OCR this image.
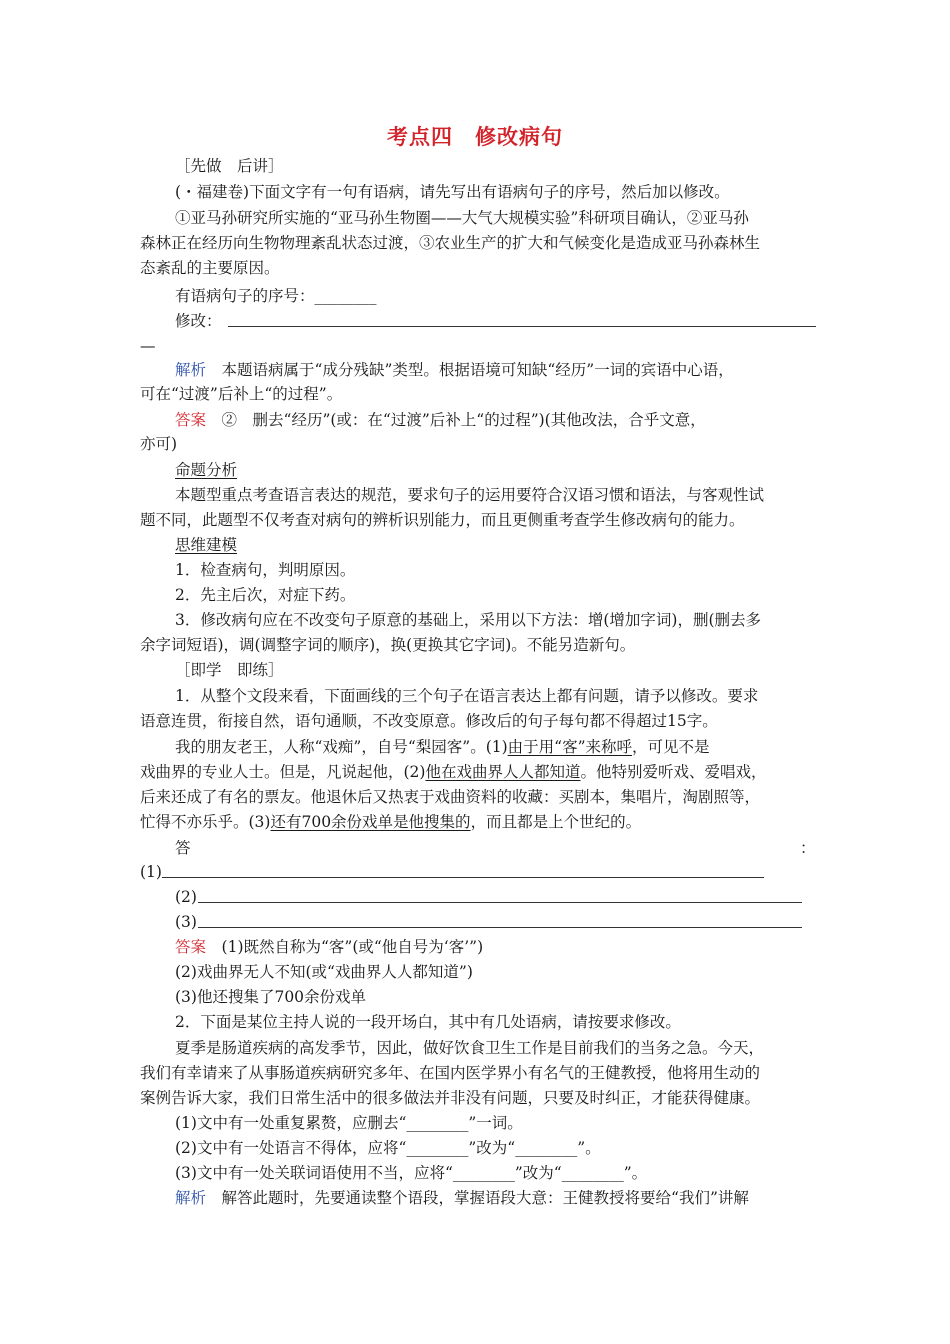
考点四 修改病句
［先做　后讲］
(・福建卷)下面文字有一句有语病，请先写出有语病句子的序号，然后加以修改。
①亚马孙研究所实施的“亚马孙生物圈——大气大规模实验”科研项目确认，②亚马孙
森林正在经历向生物物理紊乱状态过渡，③农业生产的扩大和气候变化是造成亚马孙森林生
态紊乱的主要原因。
有语病句子的序号：________
修改：
—
解析　 本题语病属于“成分残缺”类型。根据语境可知缺“经历”一词的宾语中心语，
可在“过渡”后补上“的过程”。
答案　 ②　删去“经历”(或：在“过渡”后补上“的过程”)(其他改法，合乎文意，
亦可)
命题分析
本题型重点考查语言表达的规范，要求句子的运用要符合汉语习惯和语法，与客观性试
题不同，此题型不仅考查对病句的辨析识别能力，而且更侧重考查学生修改病句的能力。
思维建模
1．检查病句，判明原因。
2．先主后次，对症下药。
3．修改病句应在不改变句子原意的基础上，采用以下方法：增(增加字词)，删(删去多
余字词短语)，调(调整字词的顺序)，换(更换其它字词)。不能另造新句。
［即学　即练］
1．从整个文段来看，下面画线的三个句子在语言表达上都有问题，请予以修改。要求
语意连贯，衔接自然，语句通顺，不改变原意。修改后的句子每句都不得超过15字。
我的朋友老王，人称“戏痴”，自号“梨园客”。(1)由于用“客”来称呼，可见不是
戏曲界的专业人士。但是，凡说起他，(2)他在戏曲界人人都知道。他特别爱听戏、爱唱戏，
后来还成了有名的票友。他退休后又热衷于戏曲资料的收藏：买剧本，集唱片，淘剧照等，
忙得不亦乐乎。(3)还有700余份戏单是他搜集的，而且都是上个世纪的。
答	：
(1)
(2)
(3)
答案　 (1)既然自称为“客”(或“他自号为‘客’”)
(2)戏曲界无人不知(或“戏曲界人人都知道”)
(3)他还搜集了700余份戏单
2．下面是某位主持人说的一段开场白，其中有几处语病，请按要求修改。
夏季是肠道疾病的高发季节，因此，做好饮食卫生工作是目前我们的当务之急。今天，
我们有幸请来了从事肠道疾病研究多年、在国内医学界小有名气的王健教授，他将用生动的
案例告诉大家，我们日常生活中的很多做法并非没有问题，只要及时纠正，才能获得健康。
(1)文中有一处重复累赘，应删去“________”一词。
(2)文中有一处语言不得体，应将“________”改为“________”。
(3)文中有一处关联词语使用不当，应将“________”改为“________”。
解析　 解答此题时，先要通读整个语段，掌握语段大意：王健教授将要给“我们”讲解
